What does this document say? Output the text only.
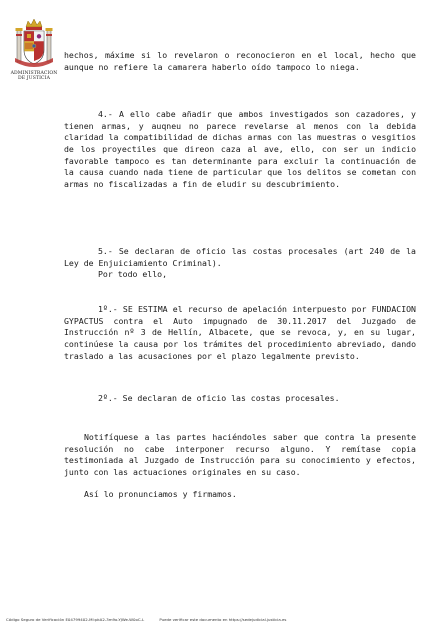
ADMINISTRACION
DE JUSTICIA

hechos, máxime si lo revelaron o reconocieron en el local, hecho que aunque no refiere la camarera haberlo oído tampoco lo niega.

4.- A ello cabe añadir que ambos investigados son cazadores, y tienen armas, y auqneu no parece revelarse al menos con la debida claridad la compatibilidad de dichas armas con las muestras o vesgitios de los proyectiles que direon caza al ave, ello, con ser un indicio favorable tampoco es tan determinante para excluir la continuación de la causa cuando nada tiene de particular que los delitos se cometan con armas no fiscalizadas a fin de eludir su descubrimiento.

5.- Se declaran de oficio las costas procesales (art 240 de la Ley de Enjuiciamiento Criminal).

Por todo ello,

1º.- SE ESTIMA el recurso de apelación interpuesto por FUNDACION GYPACTUS contra el Auto impugnado de 30.11.2017 del Juzgado de Instrucción nº 3 de Hellín, Albacete, que se revoca, y, en su lugar, continúese la causa por los trámites del procedimiento abreviado, dando traslado a las acusaciones por el plazo legalmente previsto.

2º.- Se declaran de oficio las costas procesales.

Notifíquese a las partes haciéndoles saber que contra la presente resolución no cabe interponer recurso alguno. Y remítase copia testimoniada al Juzgado de Instrucción para su conocimiento y efectos, junto con las actuaciones originales en su caso.

Así lo pronunciamos y firmamos.

Código Seguro de Verificación E04799402-MI:pkA2-3m9o-YJWe-W0oC-L	Puede verificar este documento en https://sedejudicial.justicia.es
